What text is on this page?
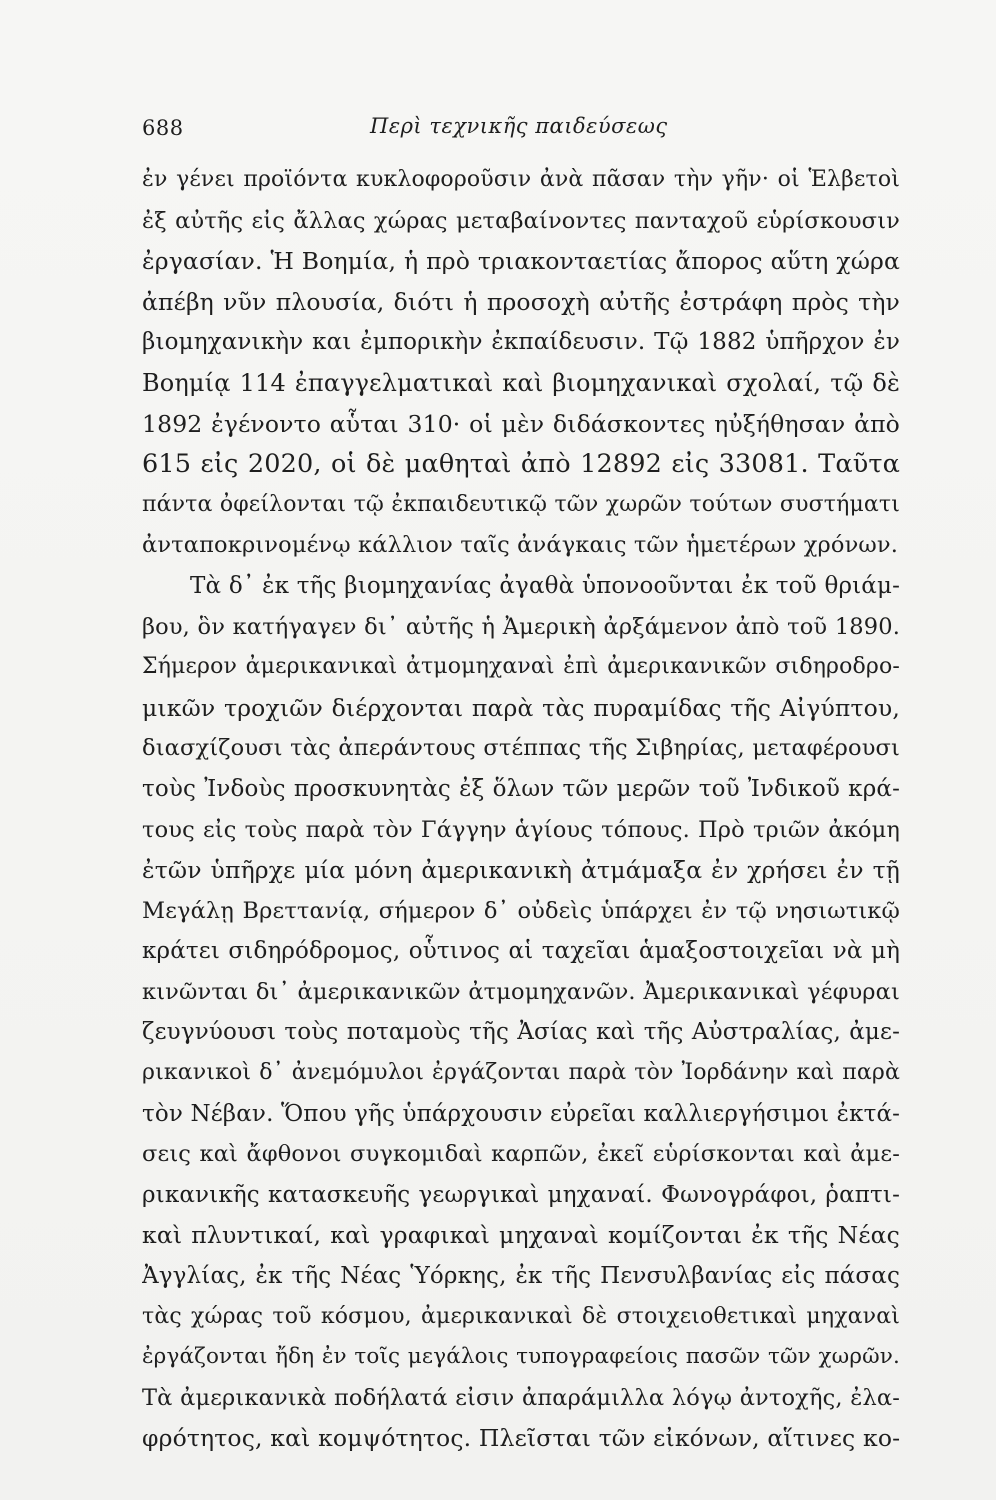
688	Περὶ τεχνικῆς παιδεύσεως
ἐν γένει προϊόντα κυκλοφοροῦσιν ἀνὰ πᾶσαν τὴν γῆν· οἱ Ἑλβετοὶ
ἐξ αὐτῆς εἰς ἄλλας χώρας μεταβαίνοντες πανταχοῦ εὑρίσκουσιν
ἐργασίαν. Ἡ Βοημία, ἡ πρὸ τριακονταετίας ἄπορος αὕτη χώρα
ἀπέβη νῦν πλουσία, διότι ἡ προσοχὴ αὐτῆς ἐστράφη πρὸς τὴν
βιομηχανικὴν και ἐμπορικὴν ἐκπαίδευσιν. Τῷ 1882 ὑπῆρχον ἐν
Βοημίᾳ 114 ἐπαγγελματικαὶ καὶ βιομηχανικαὶ σχολαί, τῷ δὲ
1892 ἐγένοντο αὗται 310· οἱ μὲν διδάσκοντες ηὐξήθησαν ἀπὸ
615 εἰς 2020, οἱ δὲ μαθηταὶ ἀπὸ 12892 εἰς 33081. Ταῦτα
πάντα ὀφείλονται τῷ ἐκπαιδευτικῷ τῶν χωρῶν τούτων συστήματι
ἀνταποκρινομένῳ κάλλιον ταῖς ἀνάγκαις τῶν ἡμετέρων χρόνων.
Τὰ δ᾽ ἐκ τῆς βιομηχανίας ἀγαθὰ ὑπονοοῦνται ἐκ τοῦ θριάμ-
βου, ὃν κατήγαγεν δι᾽ αὐτῆς ἡ Ἀμερικὴ ἀρξάμενον ἀπὸ τοῦ 1890.
Σήμερον ἀμερικανικαὶ ἀτμομηχαναὶ ἐπὶ ἀμερικανικῶν σιδηροδρο-
μικῶν τροχιῶν διέρχονται παρὰ τὰς πυραμίδας τῆς Αἰγύπτου,
διασχίζουσι τὰς ἀπεράντους στέππας τῆς Σιβηρίας, μεταφέρουσι
τοὺς Ἰνδοὺς προσκυνητὰς ἐξ ὅλων τῶν μερῶν τοῦ Ἰνδικοῦ κρά-
τους εἰς τοὺς παρὰ τὸν Γάγγην ἁγίους τόπους. Πρὸ τριῶν ἀκόμη
ἐτῶν ὑπῆρχε μία μόνη ἀμερικανικὴ ἀτμάμαξα ἐν χρήσει ἐν τῇ
Μεγάλῃ Βρεττανίᾳ, σήμερον δ᾽ οὐδεὶς ὑπάρχει ἐν τῷ νησιωτικῷ
κράτει σιδηρόδρομος, οὗτινος αἱ ταχεῖαι ἁμαξοστοιχεῖαι νὰ μὴ
κινῶνται δι᾽ ἀμερικανικῶν ἀτμομηχανῶν. Ἀμερικανικαὶ γέφυραι
ζευγνύουσι τοὺς ποταμοὺς τῆς Ἀσίας καὶ τῆς Αὐστραλίας, ἀμε-
ρικανικοὶ δ᾽ ἀνεμόμυλοι ἐργάζονται παρὰ τὸν Ἰορδάνην καὶ παρὰ
τὸν Νέβαν. Ὅπου γῆς ὑπάρχουσιν εὐρεῖαι καλλιεργήσιμοι ἐκτά-
σεις καὶ ἄφθονοι συγκομιδαὶ καρπῶν, ἐκεῖ εὑρίσκονται καὶ ἀμε-
ρικανικῆς κατασκευῆς γεωργικαὶ μηχαναί. Φωνογράφοι, ῥαπτι-
καὶ πλυντικαί, καὶ γραφικαὶ μηχαναὶ κομίζονται ἐκ τῆς Νέας
Ἀγγλίας, ἐκ τῆς Νέας Ὑόρκης, ἐκ τῆς Πενσυλβανίας εἰς πάσας
τὰς χώρας τοῦ κόσμου, ἀμερικανικαὶ δὲ στοιχειοθετικαὶ μηχαναὶ
ἐργάζονται ἤδη ἐν τοῖς μεγάλοις τυπογραφείοις πασῶν τῶν χωρῶν.
Τὰ ἀμερικανικὰ ποδήλατά εἰσιν ἀπαράμιλλα λόγῳ ἀντοχῆς, ἐλα-
φρότητος, καὶ κομψότητος. Πλεῖσται τῶν εἰκόνων, αἵτινες κο-
